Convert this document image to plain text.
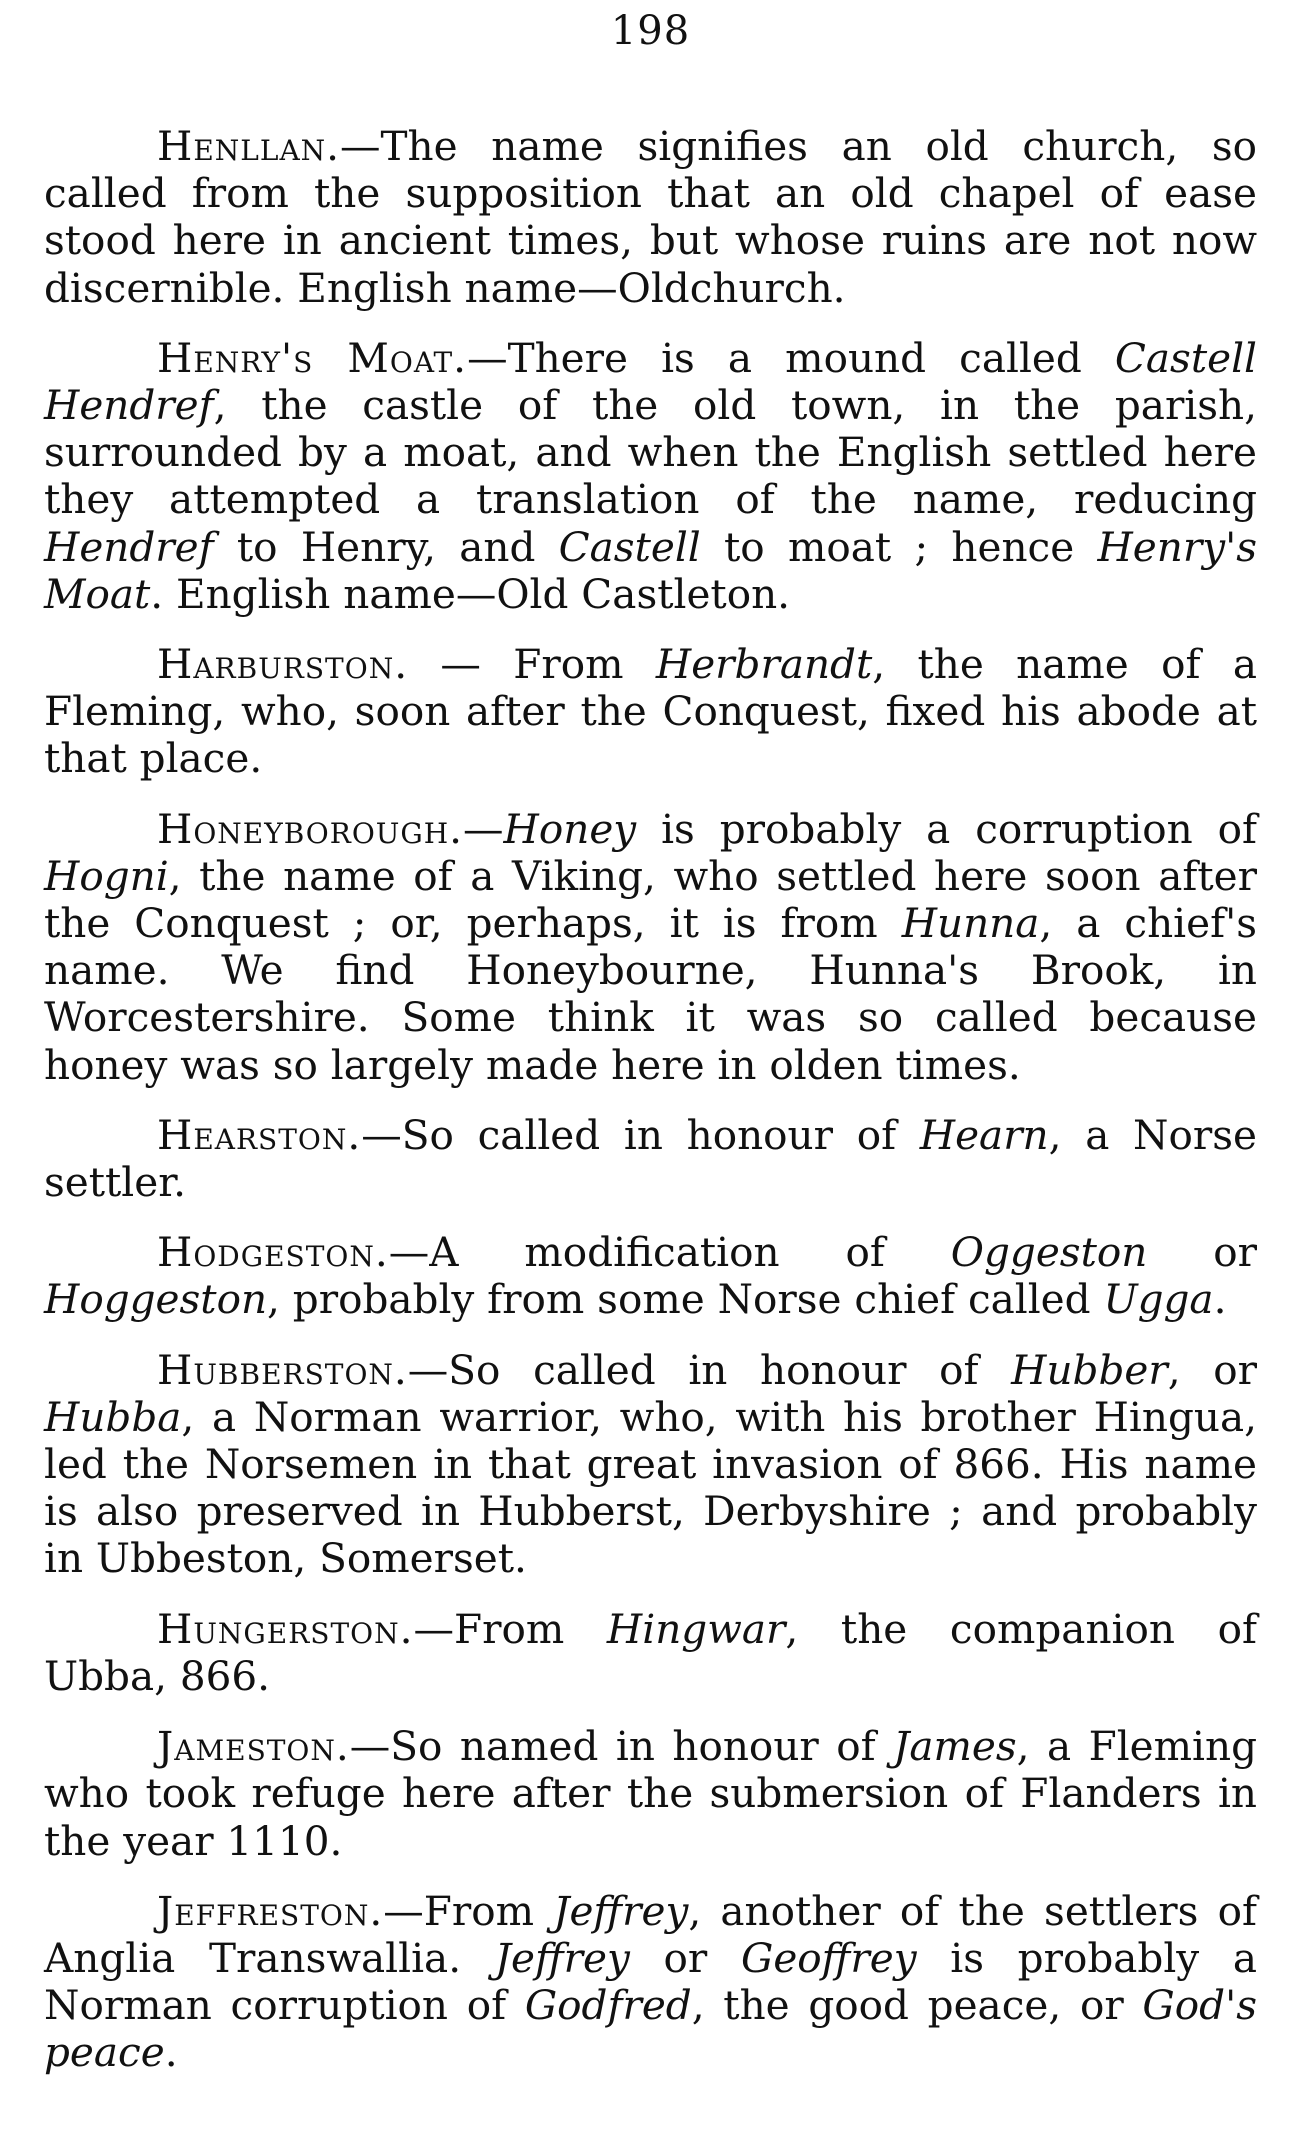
198

Henllan.—The name signifies an old church, so called from the supposition that an old chapel of ease stood here in ancient times, but whose ruins are not now discernible. English name—Oldchurch.

Henry's Moat.—There is a mound called Castell Hendref, the castle of the old town, in the parish, surrounded by a moat, and when the English settled here they attempted a translation of the name, reducing Hendref to Henry, and Castell to moat ; hence Henry's Moat. English name—Old Castleton.

Harburston. — From Herbrandt, the name of a Fleming, who, soon after the Conquest, fixed his abode at that place.

Honeyborough.—Honey is probably a corruption of Hogni, the name of a Viking, who settled here soon after the Conquest ; or, perhaps, it is from Hunna, a chief's name. We find Honeybourne, Hunna's Brook, in Worcestershire. Some think it was so called because honey was so largely made here in olden times.

Hearston.—So called in honour of Hearn, a Norse settler.

Hodgeston.—A modification of Oggeston or Hoggeston, probably from some Norse chief called Ugga.

Hubberston.—So called in honour of Hubber, or Hubba, a Norman warrior, who, with his brother Hingua, led the Norsemen in that great invasion of 866. His name is also preserved in Hubberst, Derbyshire ; and probably in Ubbeston, Somerset.

Hungerston.—From Hingwar, the companion of Ubba, 866.

Jameston.—So named in honour of James, a Fleming who took refuge here after the submersion of Flanders in the year 1110.

Jeffreston.—From Jeffrey, another of the settlers of Anglia Transwallia. Jeffrey or Geoffrey is probably a Norman corruption of Godfred, the good peace, or God's peace.
